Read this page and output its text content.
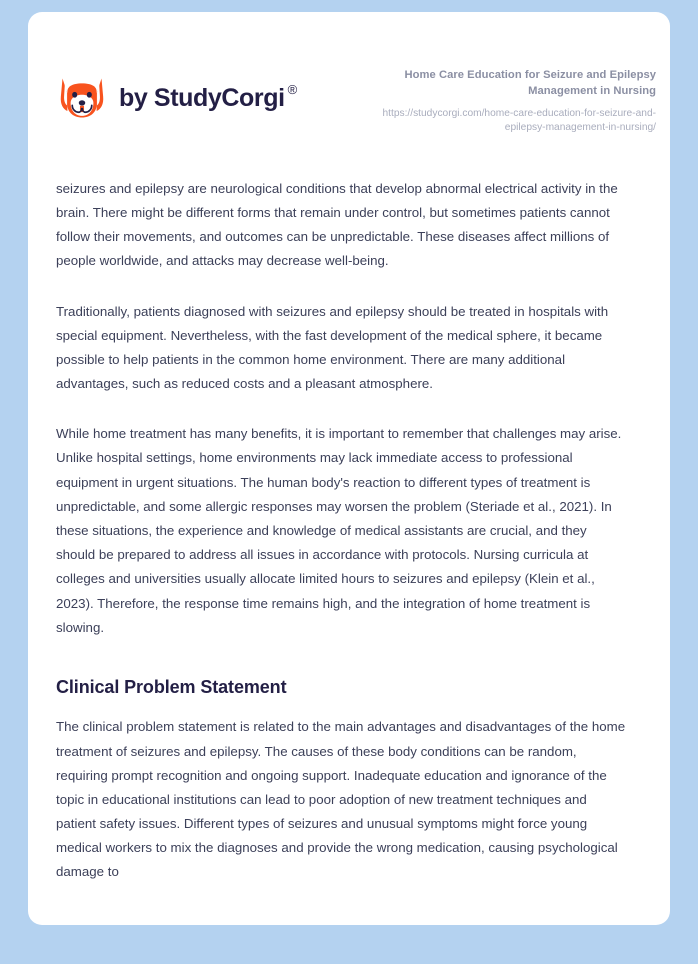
by StudyCorgi ®
Home Care Education for Seizure and Epilepsy Management in Nursing
https://studycorgi.com/home-care-education-for-seizure-and-epilepsy-management-in-nursing/

seizures and epilepsy are neurological conditions that develop abnormal electrical activity in the brain. There might be different forms that remain under control, but sometimes patients cannot follow their movements, and outcomes can be unpredictable. These diseases affect millions of people worldwide, and attacks may decrease well-being.

Traditionally, patients diagnosed with seizures and epilepsy should be treated in hospitals with special equipment. Nevertheless, with the fast development of the medical sphere, it became possible to help patients in the common home environment. There are many additional advantages, such as reduced costs and a pleasant atmosphere.

While home treatment has many benefits, it is important to remember that challenges may arise. Unlike hospital settings, home environments may lack immediate access to professional equipment in urgent situations. The human body's reaction to different types of treatment is unpredictable, and some allergic responses may worsen the problem (Steriade et al., 2021). In these situations, the experience and knowledge of medical assistants are crucial, and they should be prepared to address all issues in accordance with protocols. Nursing curricula at colleges and universities usually allocate limited hours to seizures and epilepsy (Klein et al., 2023). Therefore, the response time remains high, and the integration of home treatment is slowing.

Clinical Problem Statement

The clinical problem statement is related to the main advantages and disadvantages of the home treatment of seizures and epilepsy. The causes of these body conditions can be random, requiring prompt recognition and ongoing support. Inadequate education and ignorance of the topic in educational institutions can lead to poor adoption of new treatment techniques and patient safety issues. Different types of seizures and unusual symptoms might force young medical workers to mix the diagnoses and provide the wrong medication, causing psychological damage to
